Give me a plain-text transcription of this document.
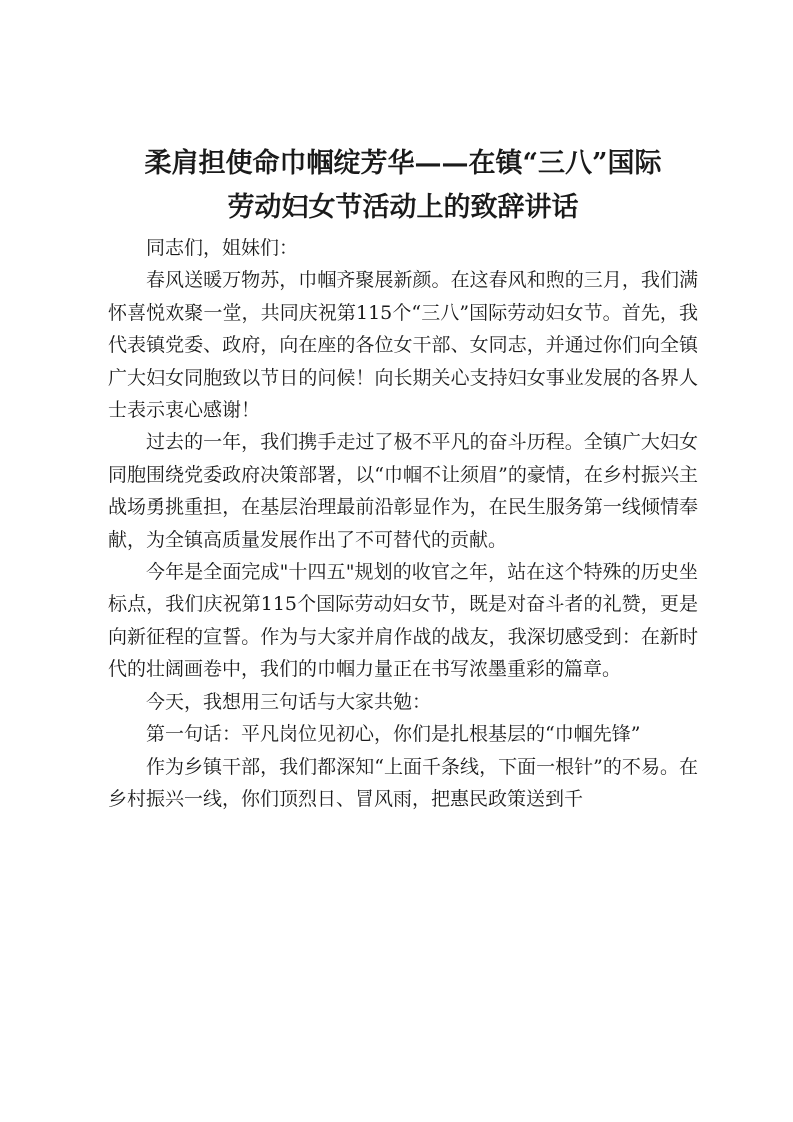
柔肩担使命巾帼绽芳华——在镇“三八”国际
劳动妇女节活动上的致辞讲话

同志们，姐妹们：

春风送暖万物苏，巾帼齐聚展新颜。在这春风和煦的三月，我们满怀喜悦欢聚一堂，共同庆祝第115个“三八”国际劳动妇女节。首先，我代表镇党委、政府，向在座的各位女干部、女同志，并通过你们向全镇广大妇女同胞致以节日的问候！向长期关心支持妇女事业发展的各界人士表示衷心感谢！

过去的一年，我们携手走过了极不平凡的奋斗历程。全镇广大妇女同胞围绕党委政府决策部署，以“巾帼不让须眉”的豪情，在乡村振兴主战场勇挑重担，在基层治理最前沿彰显作为，在民生服务第一线倾情奉献，为全镇高质量发展作出了不可替代的贡献。

今年是全面完成"十四五"规划的收官之年，站在这个特殊的历史坐标点，我们庆祝第115个国际劳动妇女节，既是对奋斗者的礼赞，更是向新征程的宣誓。作为与大家并肩作战的战友，我深切感受到：在新时代的壮阔画卷中，我们的巾帼力量正在书写浓墨重彩的篇章。

今天，我想用三句话与大家共勉：

第一句话：平凡岗位见初心，你们是扎根基层的“巾帼先锋”

作为乡镇干部，我们都深知“上面千条线，下面一根针”的不易。在乡村振兴一线，你们顶烈日、冒风雨，把惠民政策送到千
